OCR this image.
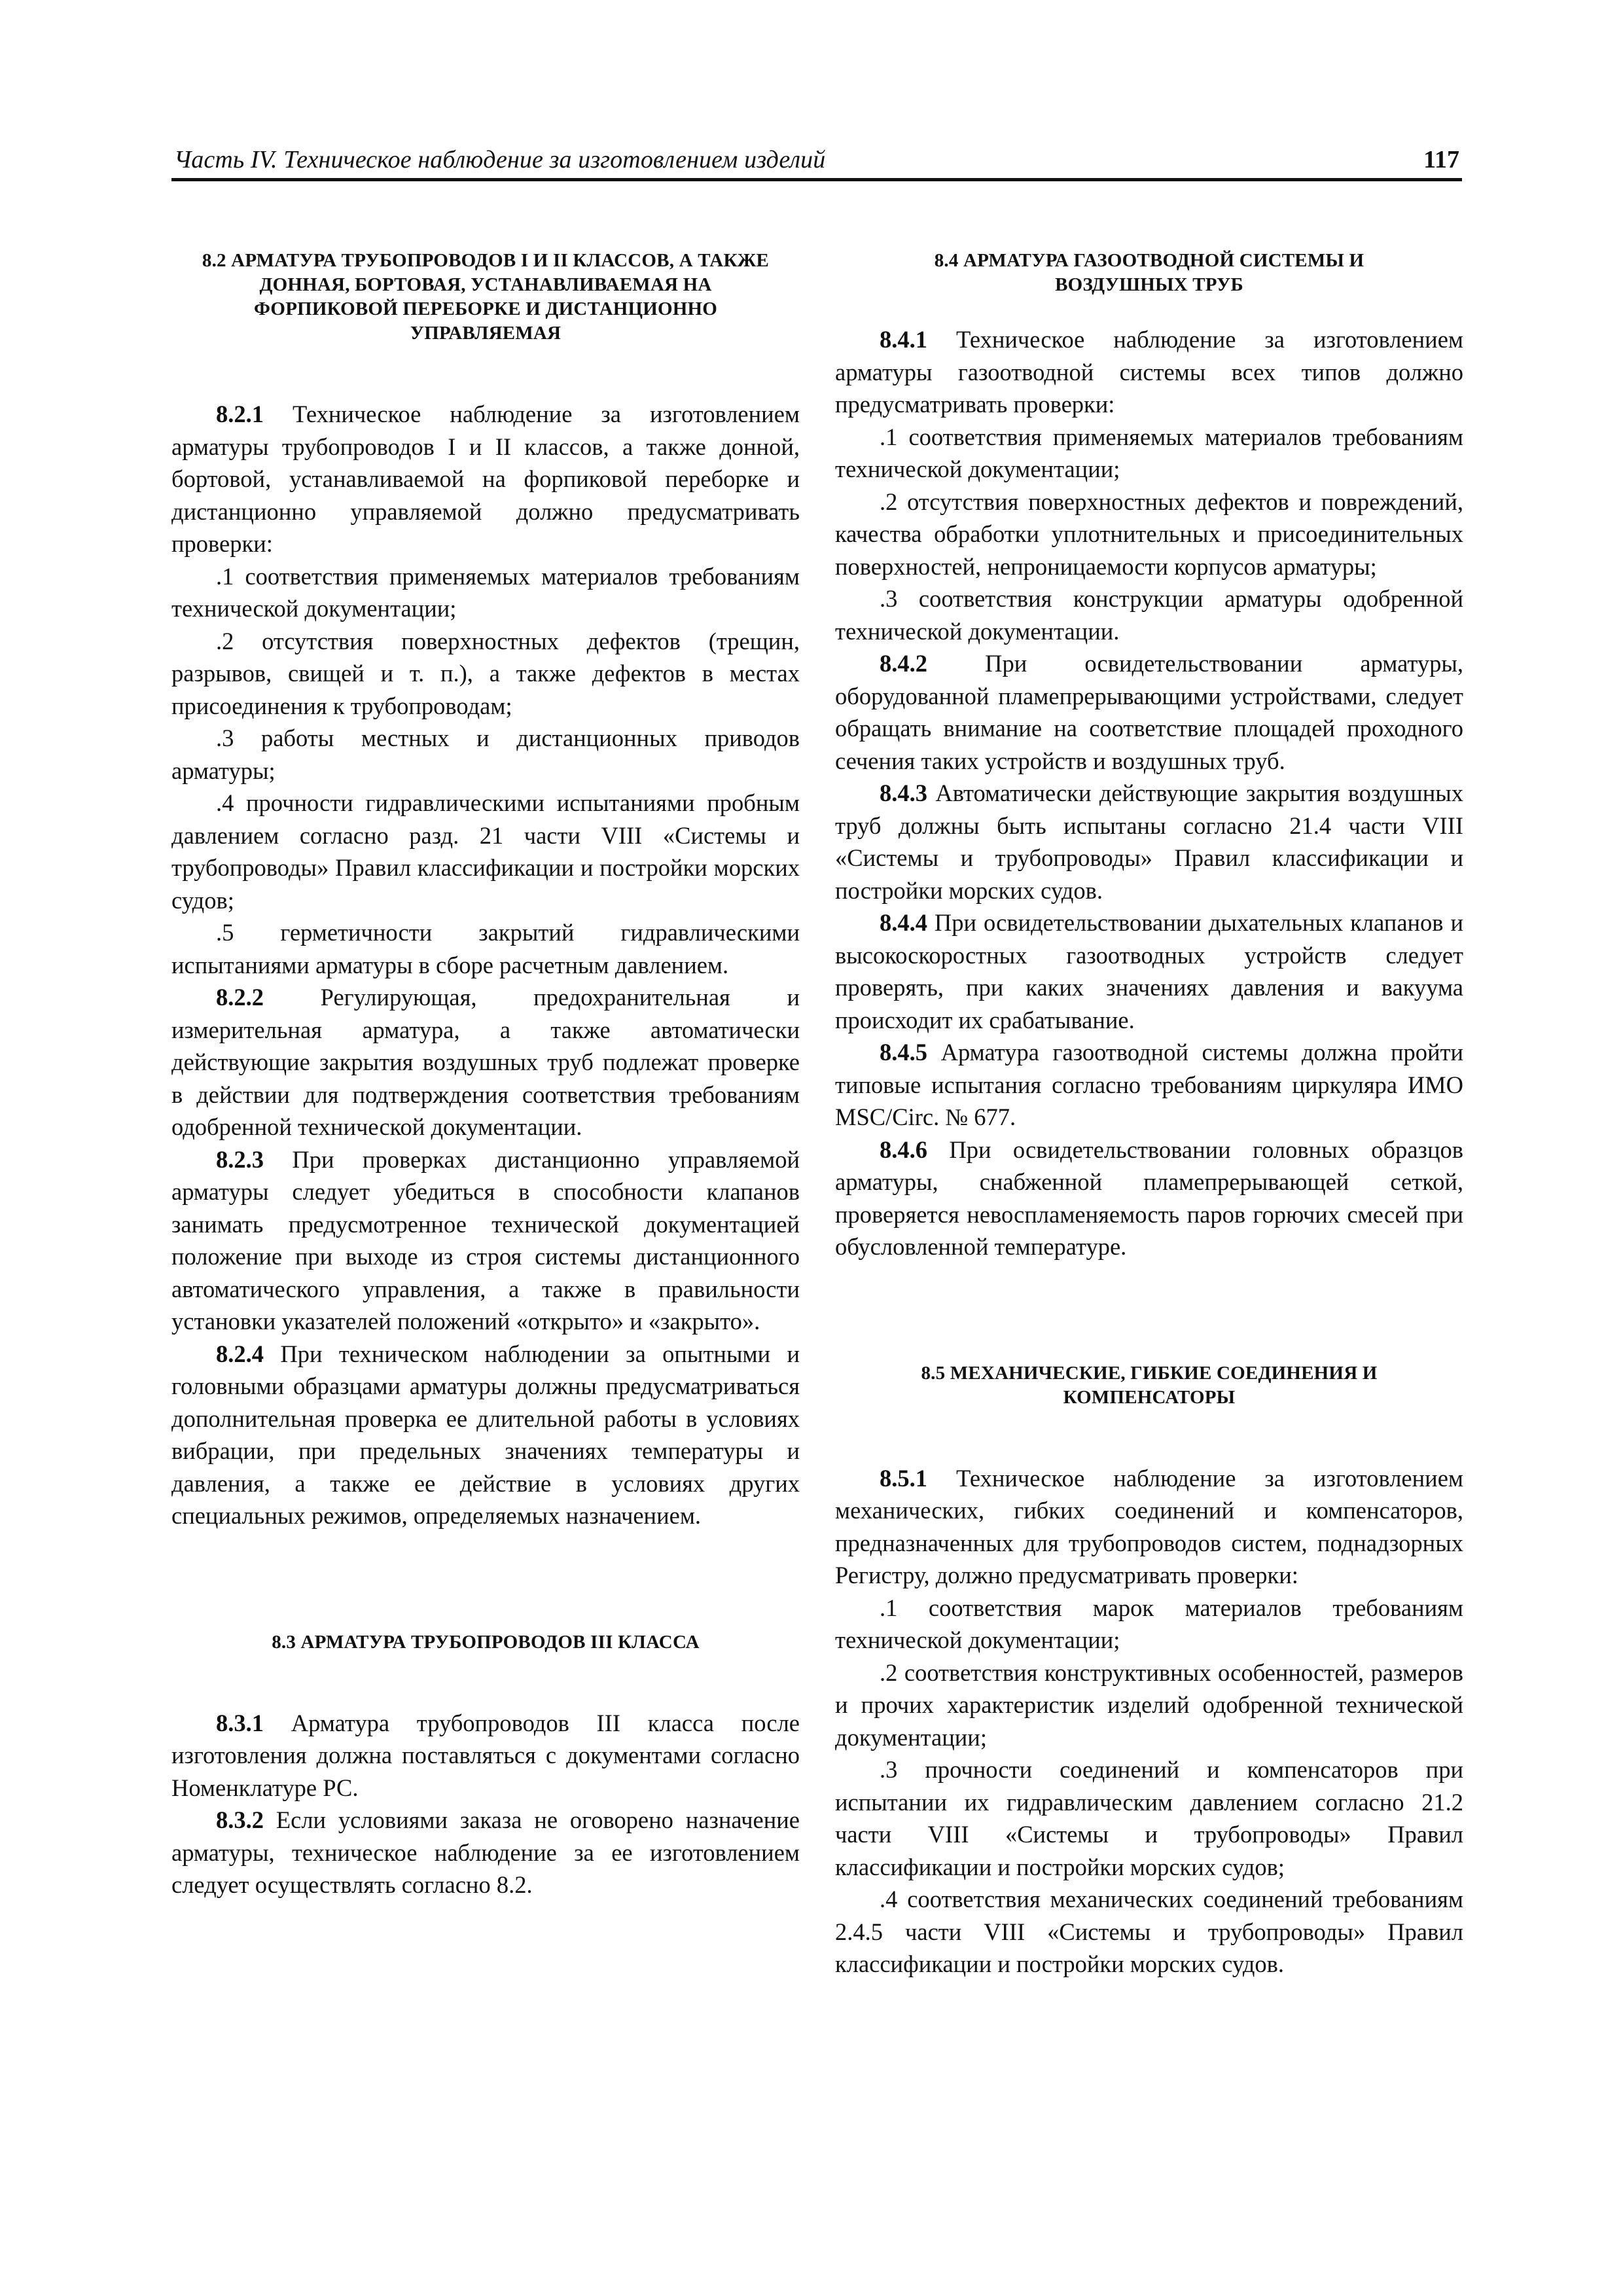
Часть IV. Техническое наблюдение за изготовлением изделий	117
8.2 АРМАТУРА ТРУБОПРОВОДОВ I И II КЛАССОВ, А ТАКЖЕ ДОННАЯ, БОРТОВАЯ, УСТАНАВЛИВАЕМАЯ НА ФОРПИКОВОЙ ПЕРЕБОРКЕ И ДИСТАНЦИОННО УПРАВЛЯЕМАЯ

8.2.1 Техническое наблюдение за изготовлением арматуры трубопроводов I и II классов, а также донной, бортовой, устанавливаемой на форпиковой переборке и дистанционно управляемой должно предусматривать проверки:

.1 соответствия применяемых материалов требованиям технической документации;

.2 отсутствия поверхностных дефектов (трещин, разрывов, свищей и т. п.), а также дефектов в местах присоединения к трубопроводам;

.3 работы местных и дистанционных приводов арматуры;

.4 прочности гидравлическими испытаниями пробным давлением согласно разд. 21 части VIII «Системы и трубопроводы» Правил классификации и постройки морских судов;

.5 герметичности закрытий гидравлическими испытаниями арматуры в сборе расчетным давлением.

8.2.2 Регулирующая, предохранительная и измерительная арматура, а также автоматически действующие закрытия воздушных труб подлежат проверке в действии для подтверждения соответствия требованиям одобренной технической документации.

8.2.3 При проверках дистанционно управляемой арматуры следует убедиться в способности клапанов занимать предусмотренное технической документацией положение при выходе из строя системы дистанционного автоматического управления, а также в правильности установки указателей положений «открыто» и «закрыто».

8.2.4 При техническом наблюдении за опытными и головными образцами арматуры должны предусматриваться дополнительная проверка ее длительной работы в условиях вибрации, при предельных значениях температуры и давления, а также ее действие в условиях других специальных режимов, определяемых назначением.

8.3 АРМАТУРА ТРУБОПРОВОДОВ III КЛАССА

8.3.1 Арматура трубопроводов III класса после изготовления должна поставляться с документами согласно Номенклатуре РС.

8.3.2 Если условиями заказа не оговорено назначение арматуры, техническое наблюдение за ее изготовлением следует осуществлять согласно 8.2.

8.4 АРМАТУРА ГАЗООТВОДНОЙ СИСТЕМЫ И ВОЗДУШНЫХ ТРУБ

8.4.1 Техническое наблюдение за изготовлением арматуры газоотводной системы всех типов должно предусматривать проверки:

.1 соответствия применяемых материалов требованиям технической документации;

.2 отсутствия поверхностных дефектов и повреждений, качества обработки уплотнительных и присоединительных поверхностей, непроницаемости корпусов арматуры;

.3 соответствия конструкции арматуры одобренной технической документации.

8.4.2 При освидетельствовании арматуры, оборудованной пламепрерывающими устройствами, следует обращать внимание на соответствие площадей проходного сечения таких устройств и воздушных труб.

8.4.3 Автоматически действующие закрытия воздушных труб должны быть испытаны согласно 21.4 части VIII «Системы и трубопроводы» Правил классификации и постройки морских судов.

8.4.4 При освидетельствовании дыхательных клапанов и высокоскоростных газоотводных устройств следует проверять, при каких значениях давления и вакуума происходит их срабатывание.

8.4.5 Арматура газоотводной системы должна пройти типовые испытания согласно требованиям циркуляра ИМО MSC/Circ. № 677.

8.4.6 При освидетельствовании головных образцов арматуры, снабженной пламепрерывающей сеткой, проверяется невоспламеняемость паров горючих смесей при обусловленной температуре.

8.5 МЕХАНИЧЕСКИЕ, ГИБКИЕ СОЕДИНЕНИЯ И КОМПЕНСАТОРЫ

8.5.1 Техническое наблюдение за изготовлением механических, гибких соединений и компенсаторов, предназначенных для трубопроводов систем, поднадзорных Регистру, должно предусматривать проверки:

.1 соответствия марок материалов требованиям технической документации;

.2 соответствия конструктивных особенностей, размеров и прочих характеристик изделий одобренной технической документации;

.3 прочности соединений и компенсаторов при испытании их гидравлическим давлением согласно 21.2 части VIII «Системы и трубопроводы» Правил классификации и постройки морских судов;

.4 соответствия механических соединений требованиям 2.4.5 части VIII «Системы и трубопроводы» Правил классификации и постройки морских судов.
